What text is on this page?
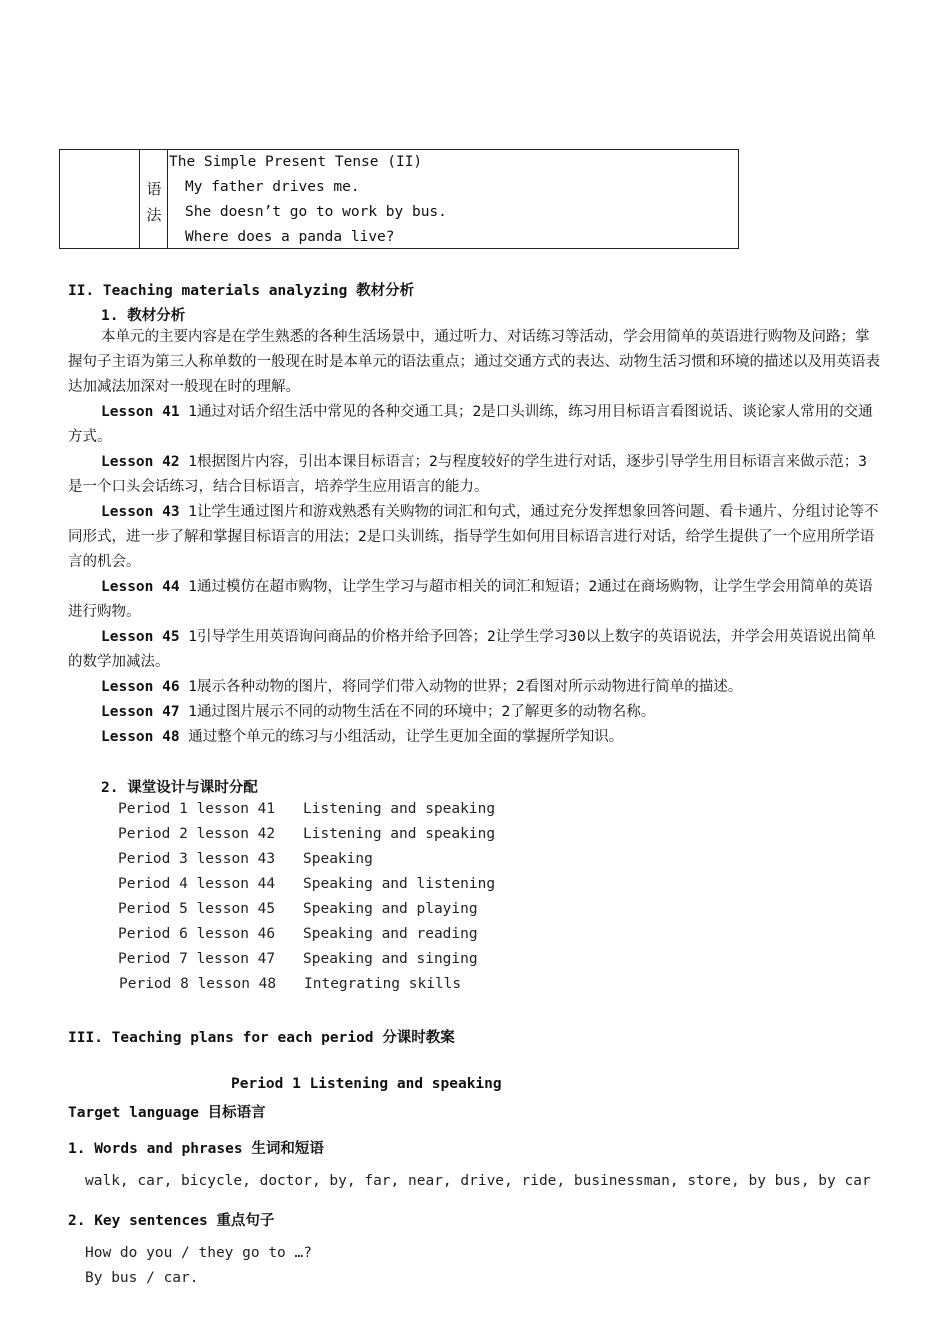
语
法
The Simple Present Tense (II)
My father drives me.
She doesn’t go to work by bus.
Where does a panda live?
II. Teaching materials analyzing 教材分析
1. 教材分析
本单元的主要内容是在学生熟悉的各种生活场景中，通过听力、对话练习等活动，学会用简单的英语进行购物及问路；掌握句子主语为第三人称单数的一般现在时是本单元的语法重点；通过交通方式的表达、动物生活习惯和环境的描述以及用英语表达加减法加深对一般现在时的理解。
Lesson 41 1通过对话介绍生活中常见的各种交通工具；2是口头训练，练习用目标语言看图说话、谈论家人常用的交通方式。
Lesson 42 1根据图片内容，引出本课目标语言；2与程度较好的学生进行对话，逐步引导学生用目标语言来做示范；3 是一个口头会话练习，结合目标语言，培养学生应用语言的能力。
Lesson 43 1让学生通过图片和游戏熟悉有关购物的词汇和句式，通过充分发挥想象回答问题、看卡通片、分组讨论等不同形式，进一步了解和掌握目标语言的用法；2是口头训练，指导学生如何用目标语言进行对话，给学生提供了一个应用所学语言的机会。
Lesson 44 1通过模仿在超市购物，让学生学习与超市相关的词汇和短语；2通过在商场购物，让学生学会用简单的英语进行购物。
Lesson 45 1引导学生用英语询问商品的价格并给予回答；2让学生学习30以上数字的英语说法，并学会用英语说出简单的数学加减法。
Lesson 46 1展示各种动物的图片，将同学们带入动物的世界；2看图对所示动物进行简单的描述。
Lesson 47 1通过图片展示不同的动物生活在不同的环境中；2了解更多的动物名称。
Lesson 48 通过整个单元的练习与小组活动，让学生更加全面的掌握所学知识。
2. 课堂设计与课时分配
Period 1 lesson 41 Listening and speaking
Period 2 lesson 42 Listening and speaking
Period 3 lesson 43 Speaking
Period 4 lesson 44 Speaking and listening
Period 5 lesson 45 Speaking and playing
Period 6 lesson 46 Speaking and reading
Period 7 lesson 47 Speaking and singing
Period 8 lesson 48 Integrating skills
III. Teaching plans for each period 分课时教案
Period 1 Listening and speaking
Target language 目标语言
1. Words and phrases 生词和短语
walk, car, bicycle, doctor, by, far, near, drive, ride, businessman, store, by bus, by car
2. Key sentences 重点句子
How do you / they go to …?
By bus / car.
